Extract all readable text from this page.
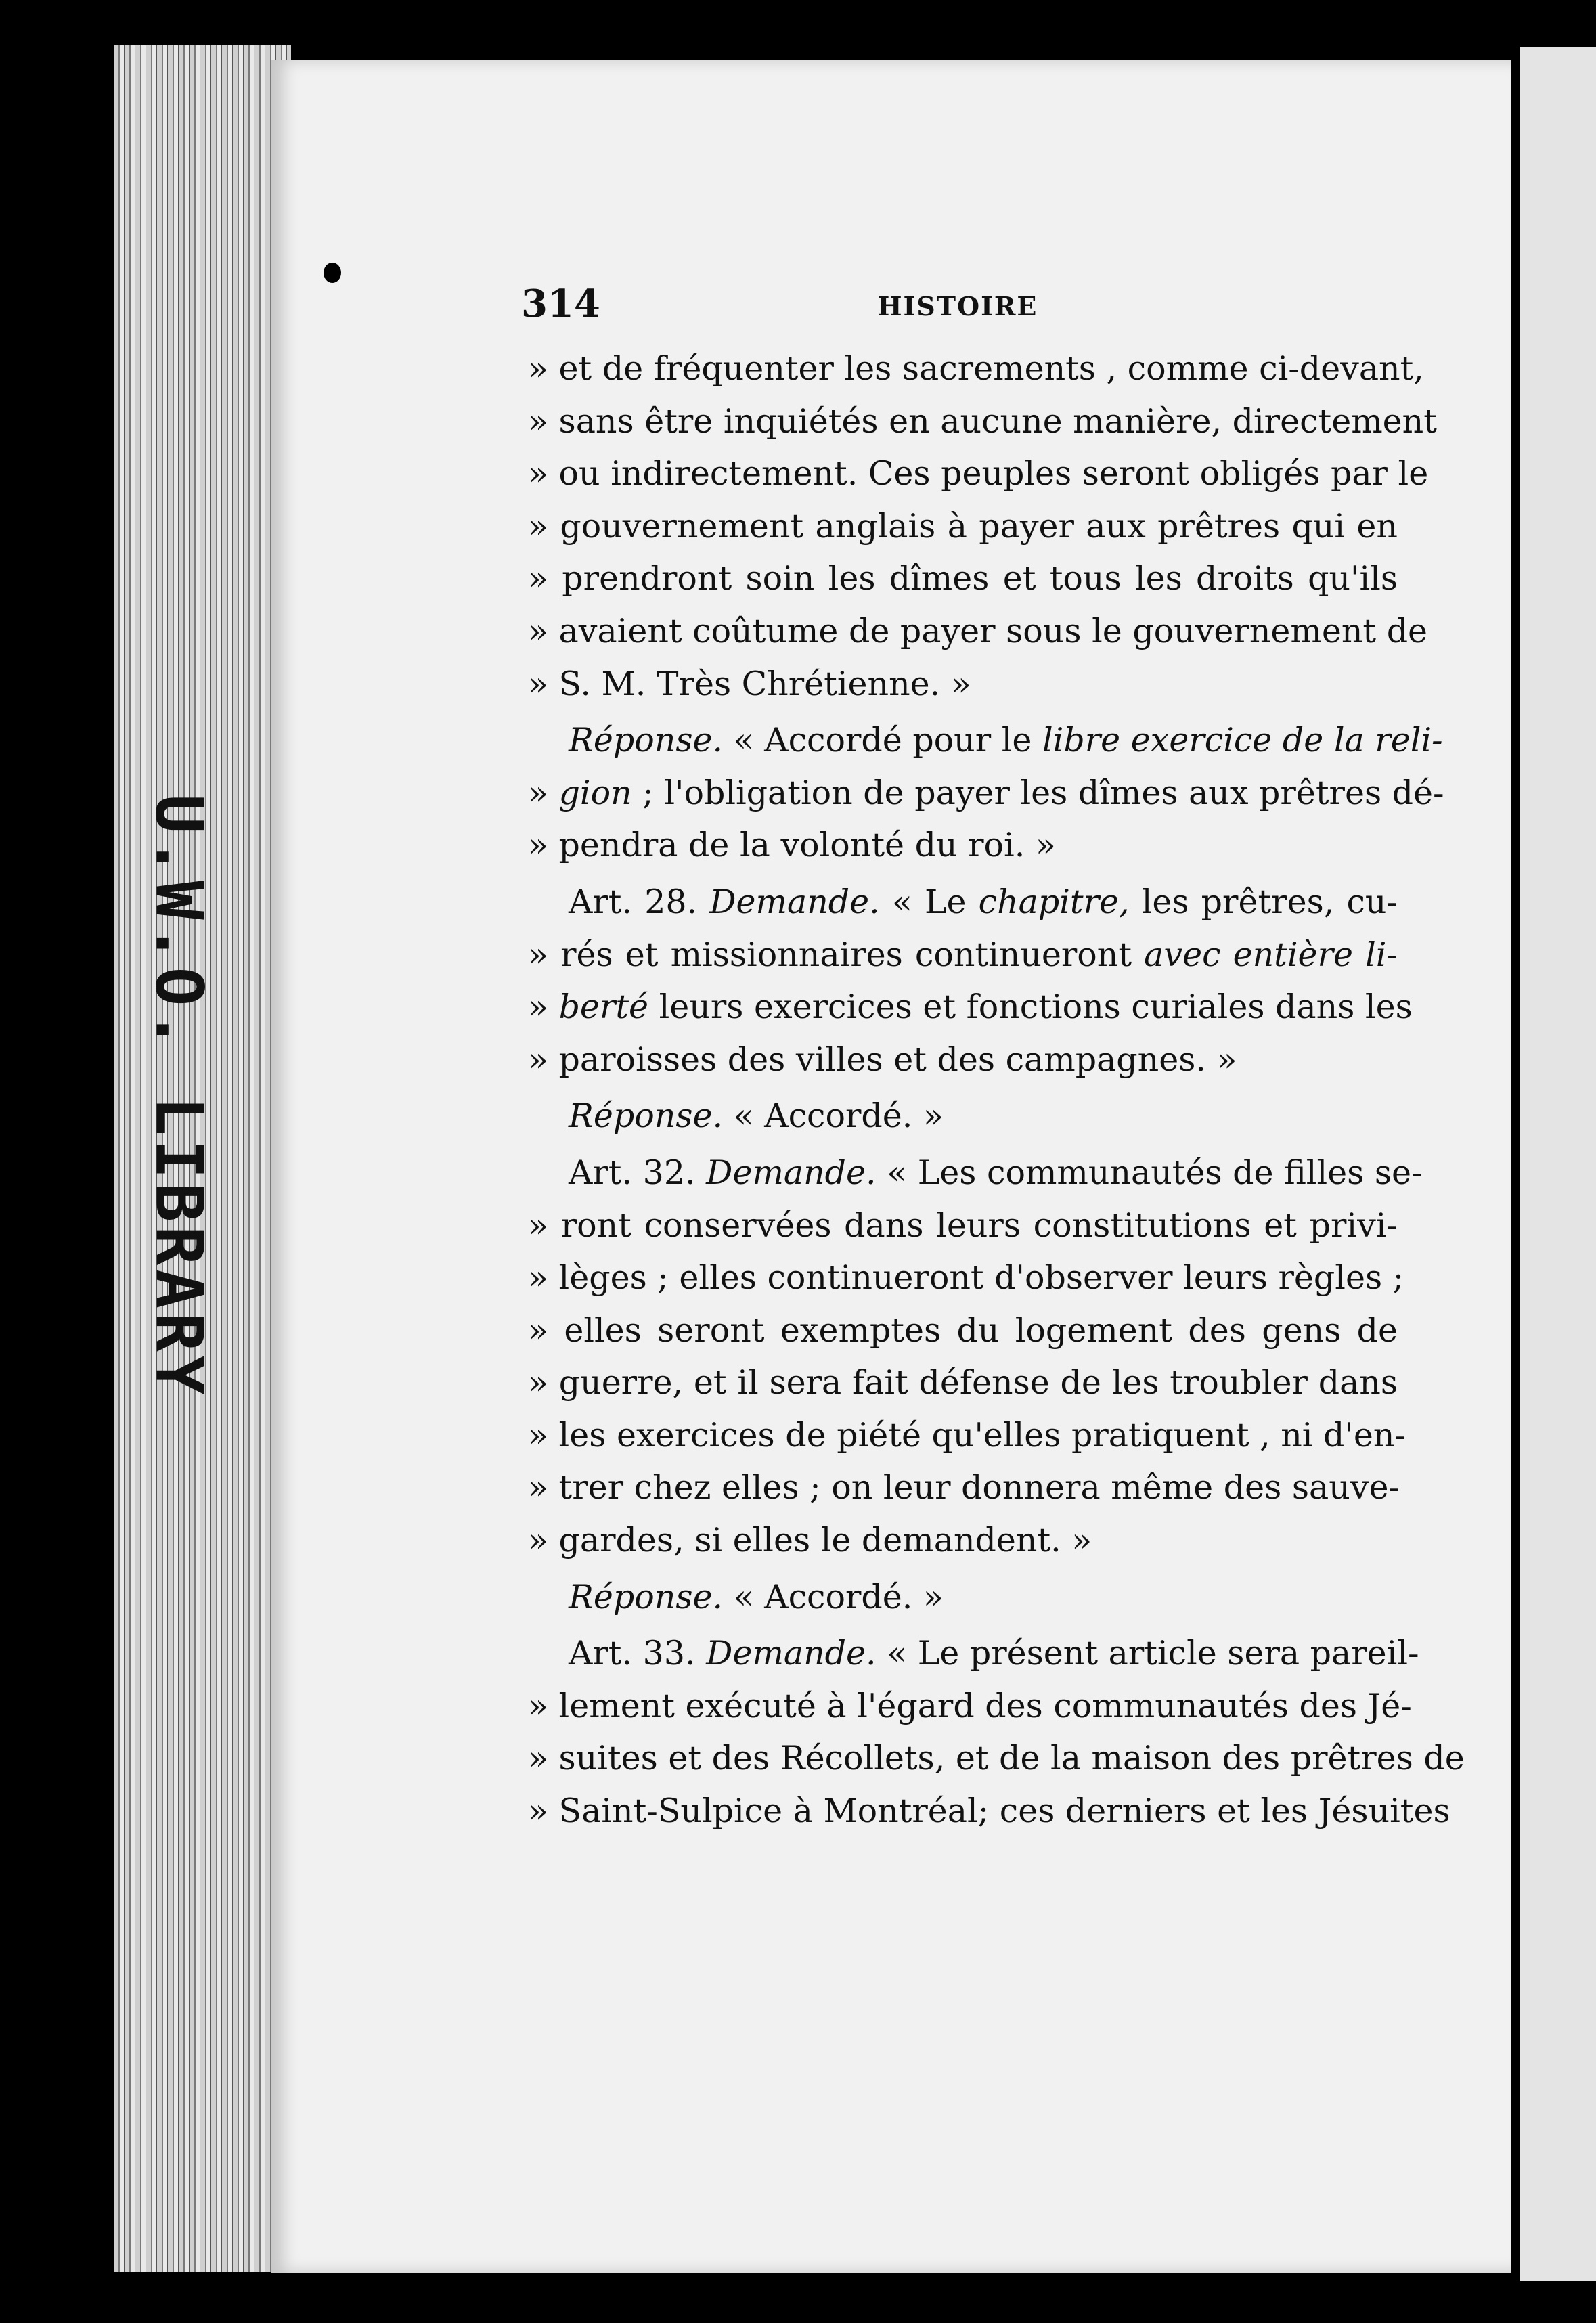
U.W.O. LIBRARY
314	HISTOIRE
» et de fréquenter les sacrements , comme ci-devant,
» sans être inquiétés en aucune manière, directement
» ou indirectement. Ces peuples seront obligés par le
» gouvernement anglais à payer aux prêtres qui en
» prendront soin les dîmes et tous les droits qu'ils
» avaient coûtume de payer sous le gouvernement de
» S. M. Très Chrétienne. »
Réponse. « Accordé pour le libre exercice de la reli-
» gion ; l'obligation de payer les dîmes aux prêtres dé-
» pendra de la volonté du roi. »
Art. 28. Demande. « Le chapitre, les prêtres, cu-
» rés et missionnaires continueront avec entière li-
» berté leurs exercices et fonctions curiales dans les
» paroisses des villes et des campagnes. »
Réponse. « Accordé. »
Art. 32. Demande. « Les communautés de filles se-
» ront conservées dans leurs constitutions et privi-
» lèges ; elles continueront d'observer leurs règles ;
» elles seront exemptes du logement des gens de
» guerre, et il sera fait défense de les troubler dans
» les exercices de piété qu'elles pratiquent , ni d'en-
» trer chez elles ; on leur donnera même des sauve-
» gardes, si elles le demandent. »
Réponse. « Accordé. »
Art. 33. Demande. « Le présent article sera pareil-
» lement exécuté à l'égard des communautés des Jé-
» suites et des Récollets, et de la maison des prêtres de
» Saint-Sulpice à Montréal; ces derniers et les Jésuites
